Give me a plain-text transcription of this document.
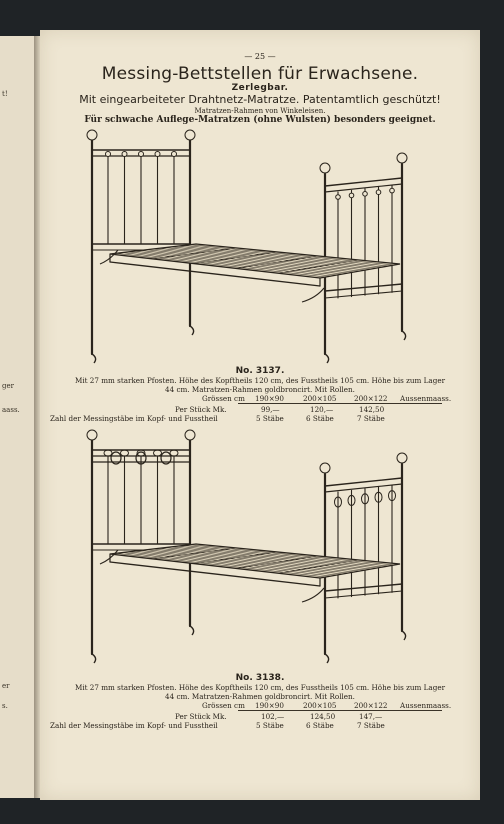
t!
ger
aass.
er
s.
— 25 —
Messing-Bettstellen für Erwachsene.
Zerlegbar.
Mit eingearbeiteter Drahtnetz-Matratze. Patentamtlich geschützt!
Matratzen-Rahmen von Winkeleisen.
Für schwache Auflege-Matratzen (ohne Wulsten) besonders geeignet.
No. 3137.
Mit 27 mm starken Pfosten. Höhe des Kopftheils 120 cm, des Fusstheils 105 cm. Höhe bis zum Lager
44 cm. Matratzen-Rahmen goldbroncirt. Mit Rollen.
Grössen cm 190×90	200×105 200×122 Aussenmaass.
Per Stück Mk.	99,—	120,—	142,50
Zahl der Messingstäbe im Kopf- und Fusstheil	5 Stäbe	6 Stäbe	7 Stäbe
No. 3138.
Mit 27 mm starken Pfosten. Höhe des Kopftheils 120 cm, des Fusstheils 105 cm. Höhe bis zum Lager
44 cm. Matratzen-Rahmen goldbroncirt. Mit Rollen.
Grössen cm 190×90	200×105 200×122 Aussenmaass.
Per Stück Mk.	102,—	124,50	147,—
Zahl der Messingstäbe im Kopf- und Fusstheil	5 Stäbe	6 Stäbe	7 Stäbe
